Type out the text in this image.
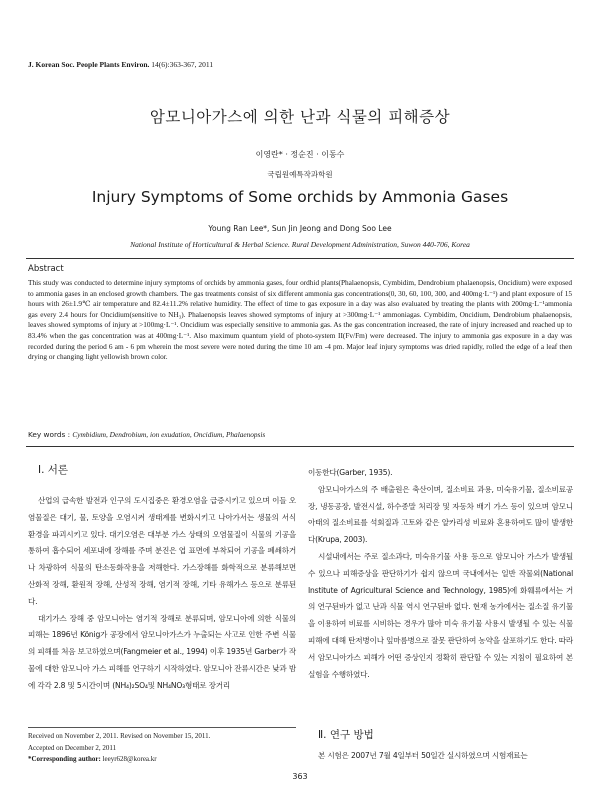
J. Korean Soc. People Plants Environ. 14(6):363-367, 2011
암모니아가스에 의한 난과 식물의 피해증상
이영란* · 정순진 · 이동수
국립원예특작과학원
Injury Symptoms of Some orchids by Ammonia Gases
Young Ran Lee*, Sun Jin Jeong and Dong Soo Lee
National Institute of Horticultural & Herbal Science. Rural Development Administration, Suwon 440-706, Korea
Abstract
This study was conducted to determine injury symptoms of orchids by ammonia gases, four ordhid plants(Phalaenopsis, Cymbidim, Dendrobium phalaenopsis, Oncidium) were exposed to ammonia gases in an enclosed growth chambers. The gas treatments consist of six different ammonia gas concentrations(0, 30, 60, 100, 300, and 400mg·L⁻¹) and plant exposure of 15 hours with 26±1.9℃ air temperature and 82.4±11.2% relative humidity. The effect of time to gas exposure in a day was also evaluated by treating the plants with 200mg·L⁻¹ammonia gas every 2.4 hours for Oncidium(sensitive to NH₃). Phalaenopsis leaves showed symptoms of injury at >300mg·L⁻¹ ammoniagas. Cymbidim, Oncidium, Dendrobium phalaenopsis, leaves showed symptoms of injury at >100mg·L⁻¹. Oncidium was especially sensitive to ammonia gas. As the gas concentration increased, the rate of injury increased and reached up to 83.4% when the gas concentration was at 400mg·L⁻¹. Also maximum quantum yield of photo-system II(Fv/Fm) were decreased. The injury to ammonia gas exposure in a day was recorded during the period 6 am - 6 pm wherein the most severe were noted during the time 10 am -4 pm. Major leaf injury symptoms was dried rapidly, rolled the edge of a leaf then drying or changing light yellowish brown color.
Key words : Cymbidium, Dendrobium, ion exudation, Oncidium, Phalaenopsis
Ⅰ. 서론

산업의 급속한 발전과 인구의 도시집중은 환경오염을 급증시키고 있으며 이들 오염물질은 대기, 물, 토양을 오염시켜 생태계를 변화시키고 나아가서는 생물의 서식 환경을 파괴시키고 있다. 대기오염은 대부분 가스 상태의 오염물질이 식물의 기공을 통하여 흡수되어 세포내에 장해를 주며 분진은 엽 표면에 부착되어 기공을 폐쇄하거나 차광하여 식물의 탄소동화작용을 저해한다. 가스장해를 화학적으로 분류해보면 산화적 장해, 환원적 장해, 산성적 장해, 염기적 장해, 기타 유해가스 등으로 분류된다.

대기가스 장해 중 암모니아는 염기적 장해로 분류되며, 암모니아에 의한 식물의 피해는 1896년 König가 공장에서 암모니아가스가 누출되는 사고로 인한 주변 식물의 피해를 처음 보고하였으며(Fangmeier et al., 1994) 이후 1935년 Garber가 작물에 대한 암모니아 가스 피해를 연구하기 시작하였다. 암모니아 잔류시간은 낮과 밤에 각각 2.8 및 5시간이며 (NH₄)₂SO₄및 NH₄NO₃형태로 장거리

이동한다(Garber, 1935).

암모니아가스의 주 배출원은 축산이며, 질소비료 과용, 미숙유기물, 질소비료공장, 냉동공장, 발전시설, 하수종말 처리장 및 자동차 배기 가스 등이 있으며 암모니아태의 질소비료를 석회질과 고토와 같은 알카리성 비료와 혼용하여도 많이 발생한다(Krupa, 2003).

시설내에서는 주로 질소과다, 미숙유기물 사용 등으로 암모니아 가스가 발생될 수 있으나 피해증상을 판단하기가 쉽지 않으며 국내에서는 일반 작물외(National Institute of Agricultural Science and Technology, 1985)에 화훼류에서는 거의 연구된바가 없고 난과 식물 역시 연구된바 없다. 현재 농가에서는 질소질 유기물을 이용하여 비료를 시비하는 경우가 많아 미숙 유기물 사용시 발생될 수 있는 식물피해에 대해 탄저병이나 잎마름병으로 잘못 판단하여 농약을 살포하기도 한다. 따라서 암모니아가스 피해가 어떤 증상인지 정확히 판단할 수 있는 지침이 필요하여 본 실험을 수행하였다.

Ⅱ. 연구 방법

본 시험은 2007년 7월 4일부터 50일간 실시하였으며 시험재료는

Received on November 2, 2011. Revised on November 15, 2011.
Accepted on December 2, 2011
*Corresponding author: leeyr628@korea.kr
363
